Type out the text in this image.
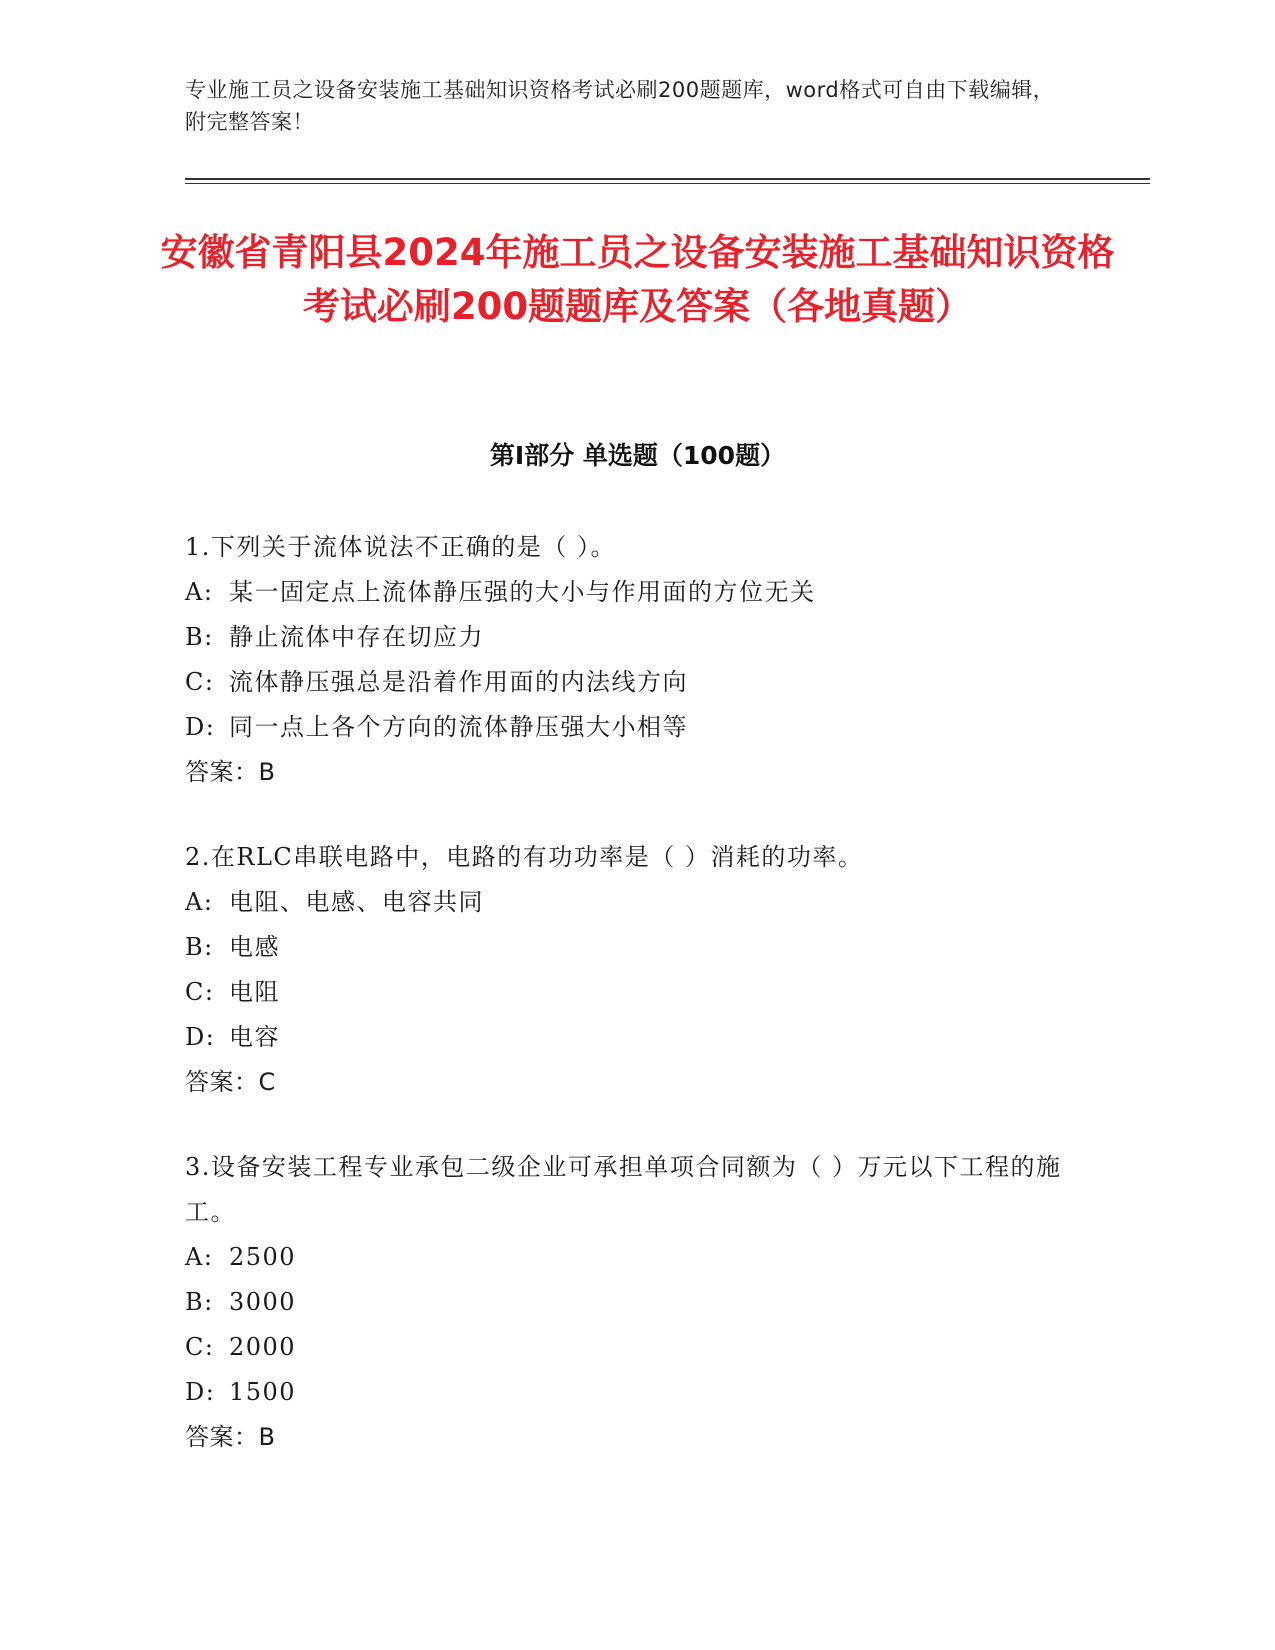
专业施工员之设备安装施工基础知识资格考试必刷200题题库，word格式可自由下载编辑，附完整答案！
安徽省青阳县2024年施工员之设备安装施工基础知识资格考试必刷200题题库及答案（各地真题）
第I部分 单选题（100题）
1.下列关于流体说法不正确的是（ ）。
A: 某一固定点上流体静压强的大小与作用面的方位无关
B: 静止流体中存在切应力
C: 流体静压强总是沿着作用面的内法线方向
D: 同一点上各个方向的流体静压强大小相等
答案：B
2.在RLC串联电路中，电路的有功功率是（ ）消耗的功率。
A: 电阻、电感、电容共同
B: 电感
C: 电阻
D: 电容
答案：C
3.设备安装工程专业承包二级企业可承担单项合同额为（ ）万元以下工程的施工。
A: 2500
B: 3000
C: 2000
D: 1500
答案：B
